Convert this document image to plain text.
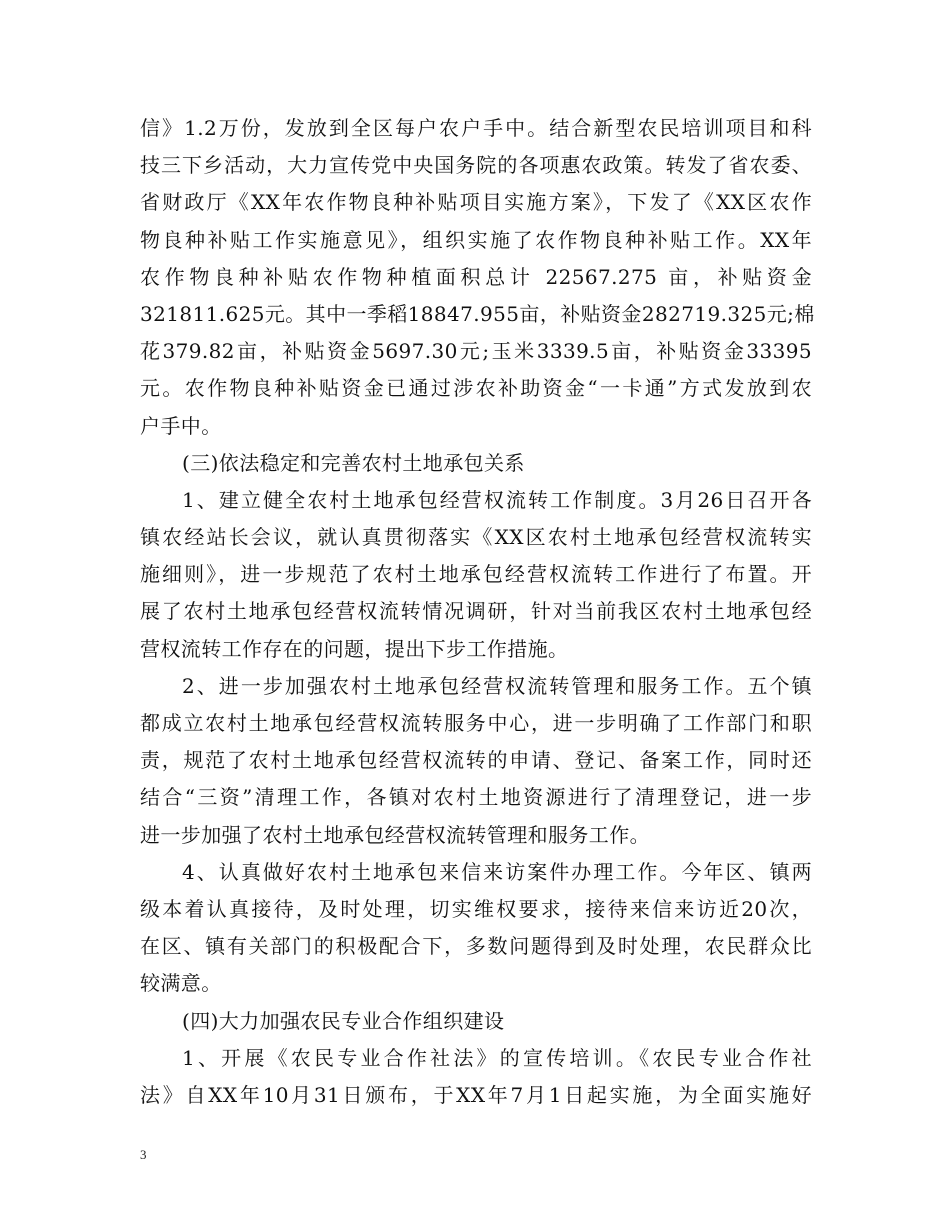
信》1.2万份，发放到全区每户农户手中。结合新型农民培训项目和科
技三下乡活动，大力宣传党中央国务院的各项惠农政策。转发了省农委、
省财政厅《XX年农作物良种补贴项目实施方案》，下发了《XX区农作
物良种补贴工作实施意见》，组织实施了农作物良种补贴工作。XX年
农作物良种补贴农作物种植面积总计 22567.275 亩，补贴资金
321811.625元。其中一季稻18847.955亩，补贴资金282719.325元;棉
花379.82亩，补贴资金5697.30元;玉米3339.5亩，补贴资金33395
元。农作物良种补贴资金已通过涉农补助资金“一卡通”方式发放到农
户手中。
(三)依法稳定和完善农村土地承包关系
1、建立健全农村土地承包经营权流转工作制度。3月26日召开各
镇农经站长会议，就认真贯彻落实《XX区农村土地承包经营权流转实
施细则》，进一步规范了农村土地承包经营权流转工作进行了布置。开
展了农村土地承包经营权流转情况调研，针对当前我区农村土地承包经
营权流转工作存在的问题，提出下步工作措施。
2、进一步加强农村土地承包经营权流转管理和服务工作。五个镇
都成立农村土地承包经营权流转服务中心，进一步明确了工作部门和职
责，规范了农村土地承包经营权流转的申请、登记、备案工作，同时还
结合“三资”清理工作，各镇对农村土地资源进行了清理登记，进一步
进一步加强了农村土地承包经营权流转管理和服务工作。
4、认真做好农村土地承包来信来访案件办理工作。今年区、镇两
级本着认真接待，及时处理，切实维权要求，接待来信来访近20次，
在区、镇有关部门的积极配合下，多数问题得到及时处理，农民群众比
较满意。
(四)大力加强农民专业合作组织建设
1、开展《农民专业合作社法》的宣传培训。《农民专业合作社
法》自XX年10月31日颁布，于XX年7月1日起实施，为全面实施好
3
